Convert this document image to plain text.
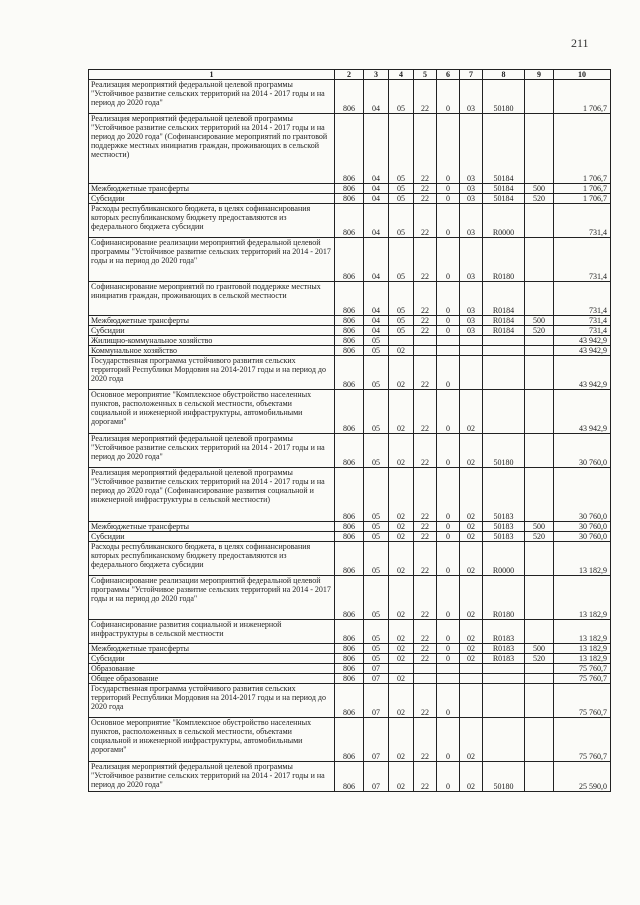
211
1	2	3	4	5	6	7	8	9	10

Реализация мероприятий федеральной целевой программы "Устойчивое развитие сельских территорий на 2014 - 2017 годы и на период до 2020 года"	806	04	05	22	0	03	50180		1 706,7

Реализация мероприятий федеральной целевой программы "Устойчивое развитие сельских территорий на 2014 - 2017 годы и на период до 2020 года" (Софинансирование мероприятий по грантовой поддержке местных инициатив граждан, проживающих в сельской местности)	806	04	05	22	0	03	50184		1 706,7

Межбюджетные трансферты	806	04	05	22	0	03	50184	500	1 706,7

Субсидии	806	04	05	22	0	03	50184	520	1 706,7

Расходы республиканского бюджета, в целях софинансирования которых республиканскому бюджету предоставляются из федерального бюджета субсидии	806	04	05	22	0	03	R0000		731,4

Софинансирование реализации мероприятий федеральной целевой программы "Устойчивое развитие сельских территорий на 2014 - 2017 годы и на период до 2020 года"	806	04	05	22	0	03	R0180		731,4

Софинансирование мероприятий по грантовой поддержке местных инициатив граждан, проживающих в сельской местности	806	04	05	22	0	03	R0184		731,4

Межбюджетные трансферты	806	04	05	22	0	03	R0184	500	731,4

Субсидии	806	04	05	22	0	03	R0184	520	731,4

Жилищно-коммунальное хозяйство	806	05							43 942,9

Коммунальное хозяйство	806	05	02						43 942,9

Государственная программа устойчивого развития сельских территорий Республики Мордовия на 2014-2017 годы и на период до 2020 года	806	05	02	22	0				43 942,9

Основное мероприятие "Комплексное обустройство населенных пунктов, расположенных в сельской местности, объектами социальной и инженерной инфраструктуры, автомобильными дорогами"	806	05	02	22	0	02			43 942,9

Реализация мероприятий федеральной целевой программы "Устойчивое развитие сельских территорий на 2014 - 2017 годы и на период до 2020 года"	806	05	02	22	0	02	50180		30 760,0

Реализация мероприятий федеральной целевой программы "Устойчивое развитие сельских территорий на 2014 - 2017 годы и на период до 2020 года" (Софинансирование развития социальной и инженерной инфраструктуры в сельской местности)	806	05	02	22	0	02	50183		30 760,0

Межбюджетные трансферты	806	05	02	22	0	02	50183	500	30 760,0

Субсидии	806	05	02	22	0	02	50183	520	30 760,0

Расходы республиканского бюджета, в целях софинансирования которых республиканскому бюджету предоставляются из федерального бюджета субсидии	806	05	02	22	0	02	R0000		13 182,9

Софинансирование реализации мероприятий федеральной целевой программы "Устойчивое развитие сельских территорий на 2014 - 2017 годы и на период до 2020 года"	806	05	02	22	0	02	R0180		13 182,9

Софинансирование развития социальной и инженерной инфраструктуры в сельской местности	806	05	02	22	0	02	R0183		13 182,9

Межбюджетные трансферты	806	05	02	22	0	02	R0183	500	13 182,9

Субсидии	806	05	02	22	0	02	R0183	520	13 182,9

Образование	806	07							75 760,7

Общее образование	806	07	02						75 760,7

Государственная программа устойчивого развития сельских территорий Республики Мордовия на 2014-2017 годы и на период до 2020 года	806	07	02	22	0				75 760,7

Основное мероприятие "Комплексное обустройство населенных пунктов, расположенных в сельской местности, объектами социальной и инженерной инфраструктуры, автомобильными дорогами"	806	07	02	22	0	02			75 760,7

Реализация мероприятий федеральной целевой программы "Устойчивое развитие сельских территорий на 2014 - 2017 годы и на период до 2020 года"	806	07	02	22	0	02	50180		25 590,0
